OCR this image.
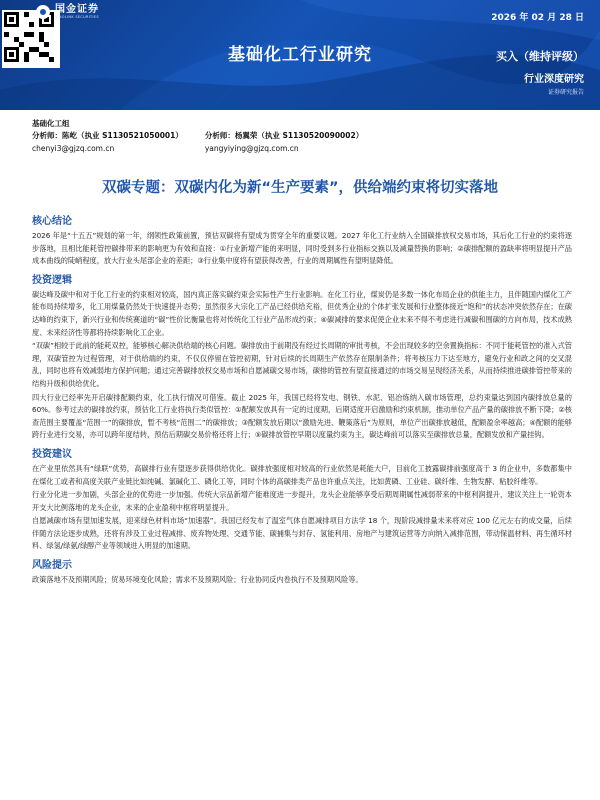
国金证券
SINOLINK SECURITIES	2026 年 02 月 28 日
基础化工行业研究	买入（维持评级）
行业深度研究
证券研究报告
基础化工组
分析师：陈屹（执业 S1130521050001）
chenyi3@gjzq.com.cn
分析师：杨翼荣（执业 S1130520090002）
yangyiying@gjzq.com.cn
双碳专题：双碳内化为新“生产要素”，供给端约束将切实落地
核心结论

2026 年是“十五五”规划的第一年，纲领性政策前置，预估双碳将有望成为贯穿全年的重要议题。2027 年化工行业纳入全国碳排放权交易市场，其后化工行业的约束将逐步落地，且相比能耗管控碳排带来的影响更为有效和直接：①行业新增产能的来明显，同时受到多行业指标交换以及减量替换的影响；②碳排配额的盈缺率将明显提升产品成本曲线的陡峭程度，放大行业头尾部企业的差距；③行业集中度将有望获得改善，行业的周期属性有望明显降低。

投资逻辑

碳达峰及碳中和对于化工行业的约束相对较高，国内真正落实碳约束会实际性产生行业影响。在化工行业，煤炭仍是多数一体化布局企业的供能主力，且伴随国内煤化工产能布局持续增多，化工用煤量仍然处于快速提升态势；虽然很多大宗化工产品已经供给充裕，但优秀企业的个体扩张发展和行业整体接近“饱和”的状态冲突依然存在；在碳达峰的约束下，新兴行业和传统赛道的“碳”性价比衡量也将对传统化工行业产品形成约束；④碳减排的要求促使企业未来不得不考虑进行减碳和围碳的方向布局，技术成熟度、未来经济性等都将持续影响化工企业。

“双碳”相较于此前的能耗双控，能够核心解决供给端的核心问题。碳排放由于前期没有经过长周期的审批考核，不会出现较多的空余置换指标：不同于能耗管控的准入式管理，双碳管控为过程管理，对于供给端的约束，不仅仅停留在管控初期，针对后续的长周期生产依然存在限制条件；将考核压力下达至地方，避免行业和政之间的交叉混乱，同时也将有效减弱地方保护问题；通过完善碳排放权交易市场和自愿减碳交易市场，碳排的管控有望直接通过的市场交易呈现经济关系，从而持续推进碳排管控带来的结构升级和供给优化。

四大行业已经率先开启碳排配额约束，化工执行情况可借鉴。截止 2025 年，我国已经将发电、钢铁、水泥、铝冶炼纳入碳市场管理，总约束量达到国内碳排放总量的 60%。参考过去的碳排放约束，预估化工行业将执行类似管控：①配额发放具有一定的过度期，后期适度开启激励和约束机制，推动单位产品产量的碳排放不断下降；②核查范围主要覆盖“范围一”的碳排放，暂不考核“范围二”的碳排放；③配额发放后期以“激励先进、鞭策落后”为原则，单位产出碳排放越低，配额盈余率越高；④配额的能够跨行业进行交易，亦可以跨年度结转，预估后期碳交易价格还将上行；⑤碳排放管控早期以度量约束为主，碳达峰前可以落实至碳排放总量，配额发放和产量挂钩。

投资建议

在产业里依然具有“绿联”优势，高碳排行业有望逐步获得供给优化。碳排放强度相对较高的行业依然是耗能大户，目前化工披露碳排前强度高于 3 的企业中，多数都集中在煤化工或者和高度关联产业链比如纯碱、氯碱化工、磷化工等，同时个体的高碳排类产品也许重点关注，比如黄磷、工业硅、碳纤维、生物发酵、粘胶纤维等。

行业分化进一步加剧，头部企业的优势进一步加强。传统大宗品新增产能难度进一步提升，龙头企业能够享受后期周期属性减弱带来的中枢利润提升，建议关注上一轮资本开支大比例落地的龙头企业，未来的企业盈利中枢将明显提升。

自愿减碳市场有望加速发展，迎来绿色材料市场“加速器”。我国已经发布了温室气体自愿减排项目方法学 18 个，现阶段减排量未来将对应 100 亿元左右的成交量，后续伴随方法论逐步成熟，还将有涉及工业过程减排、废弃物处理、交通节能、碳捕集与封存、氢能利用、房地产与建筑运营等方向纳入减排范围，带动保温材料、再生循环材料、绿氢/绿氨/绿醇产业等领域进入明显的加速期。

风险提示

政策落地不及预期风险；贸易环境变化风险；需求不及预期风险；行业协同反内卷执行不及预期风险等。
